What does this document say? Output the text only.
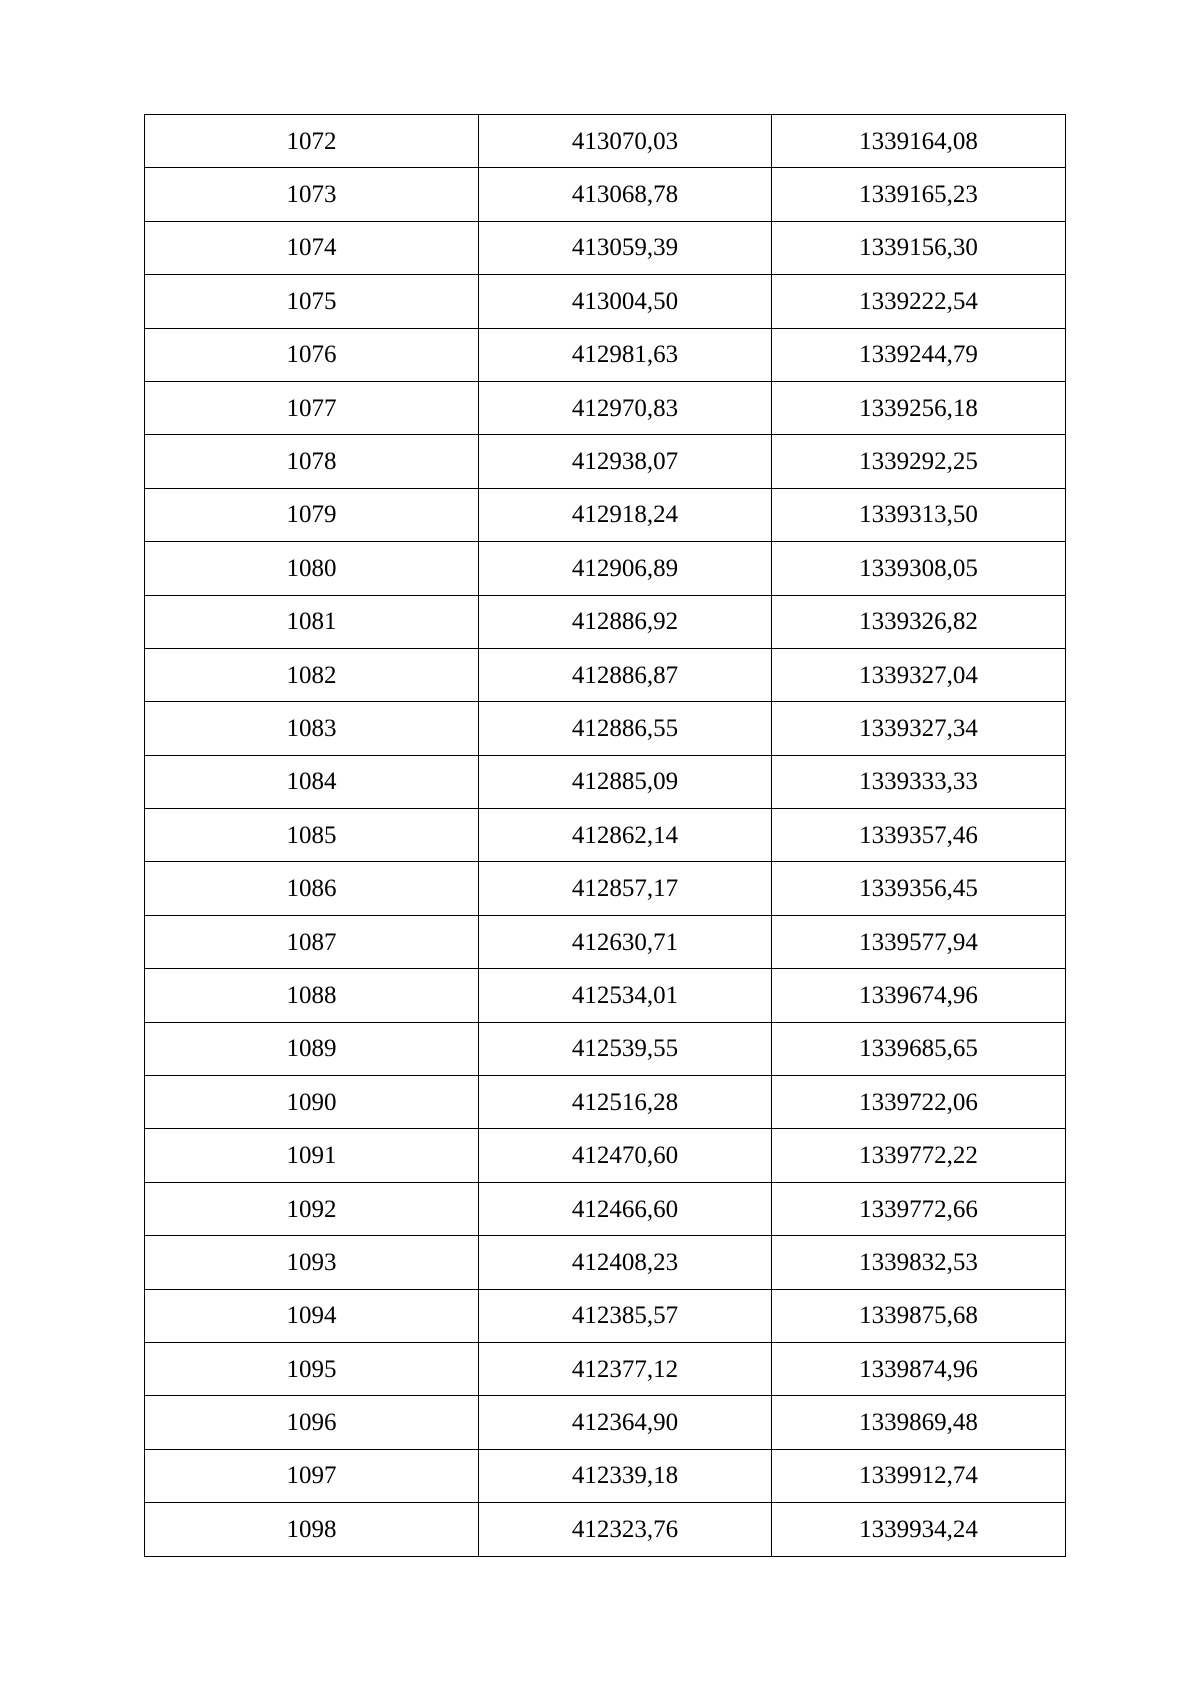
1072	413070,03	1339164,08
1073	413068,78	1339165,23
1074	413059,39	1339156,30
1075	413004,50	1339222,54
1076	412981,63	1339244,79
1077	412970,83	1339256,18
1078	412938,07	1339292,25
1079	412918,24	1339313,50
1080	412906,89	1339308,05
1081	412886,92	1339326,82
1082	412886,87	1339327,04
1083	412886,55	1339327,34
1084	412885,09	1339333,33
1085	412862,14	1339357,46
1086	412857,17	1339356,45
1087	412630,71	1339577,94
1088	412534,01	1339674,96
1089	412539,55	1339685,65
1090	412516,28	1339722,06
1091	412470,60	1339772,22
1092	412466,60	1339772,66
1093	412408,23	1339832,53
1094	412385,57	1339875,68
1095	412377,12	1339874,96
1096	412364,90	1339869,48
1097	412339,18	1339912,74
1098	412323,76	1339934,24
